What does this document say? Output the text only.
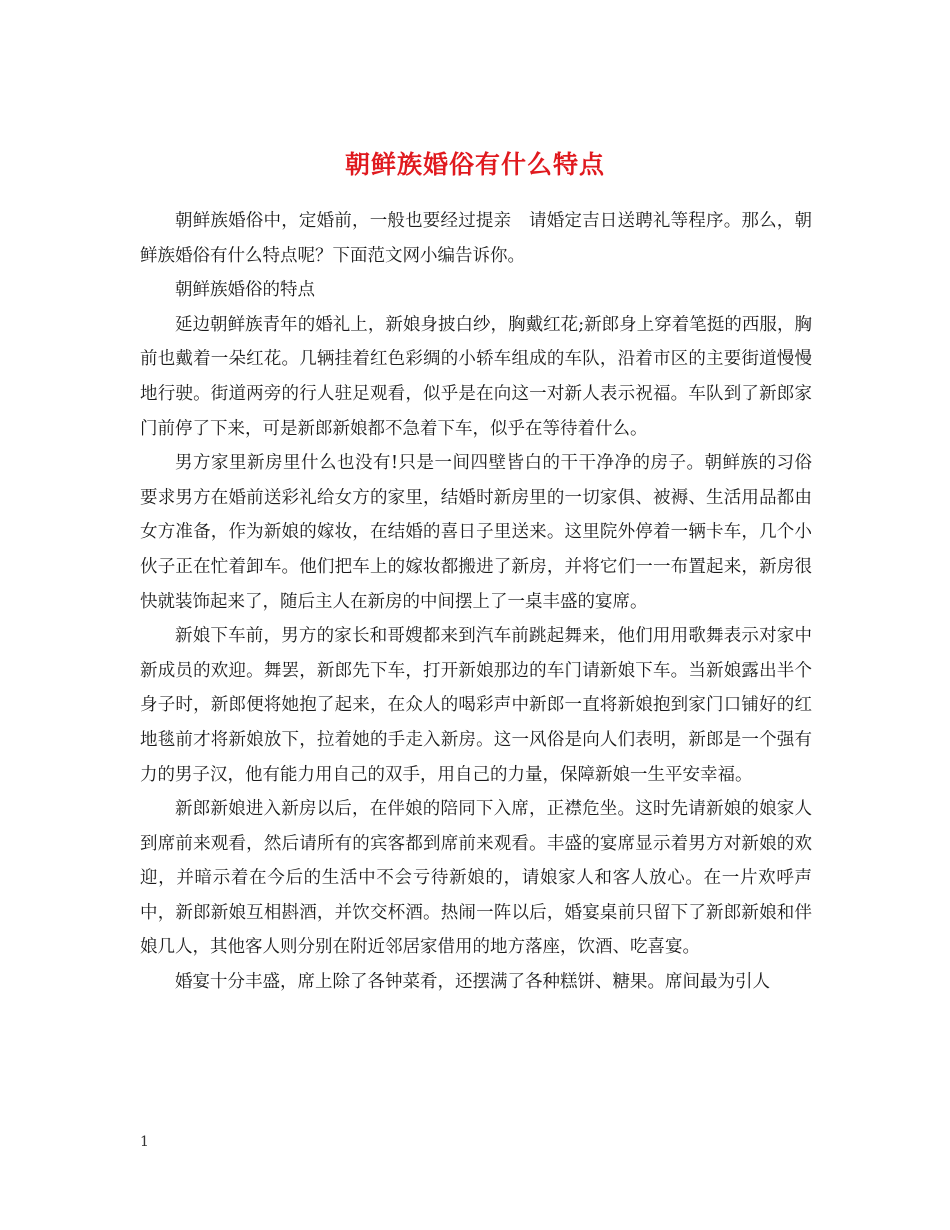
朝鲜族婚俗有什么特点

朝鲜族婚俗中，定婚前，一般也要经过提亲　请婚定吉日送聘礼等程序。那么，朝鲜族婚俗有什么特点呢？下面范文网小编告诉你。

朝鲜族婚俗的特点

延边朝鲜族青年的婚礼上，新娘身披白纱，胸戴红花;新郎身上穿着笔挺的西服，胸前也戴着一朵红花。几辆挂着红色彩绸的小轿车组成的车队，沿着市区的主要街道慢慢地行驶。街道两旁的行人驻足观看，似乎是在向这一对新人表示祝福。车队到了新郎家门前停了下来，可是新郎新娘都不急着下车，似乎在等待着什么。

男方家里新房里什么也没有!只是一间四壁皆白的干干净净的房子。朝鲜族的习俗要求男方在婚前送彩礼给女方的家里，结婚时新房里的一切家俱、被褥、生活用品都由女方准备，作为新娘的嫁妆，在结婚的喜日子里送来。这里院外停着一辆卡车，几个小伙子正在忙着卸车。他们把车上的嫁妆都搬进了新房，并将它们一一布置起来，新房很快就装饰起来了，随后主人在新房的中间摆上了一桌丰盛的宴席。

新娘下车前，男方的家长和哥嫂都来到汽车前跳起舞来，他们用用歌舞表示对家中新成员的欢迎。舞罢，新郎先下车，打开新娘那边的车门请新娘下车。当新娘露出半个身子时，新郎便将她抱了起来，在众人的喝彩声中新郎一直将新娘抱到家门口铺好的红地毯前才将新娘放下，拉着她的手走入新房。这一风俗是向人们表明，新郎是一个强有力的男子汉，他有能力用自己的双手，用自己的力量，保障新娘一生平安幸福。

新郎新娘进入新房以后，在伴娘的陪同下入席，正襟危坐。这时先请新娘的娘家人到席前来观看，然后请所有的宾客都到席前来观看。丰盛的宴席显示着男方对新娘的欢迎，并暗示着在今后的生活中不会亏待新娘的，请娘家人和客人放心。在一片欢呼声中，新郎新娘互相斟酒，并饮交杯酒。热闹一阵以后，婚宴桌前只留下了新郎新娘和伴娘几人，其他客人则分别在附近邻居家借用的地方落座，饮酒、吃喜宴。

婚宴十分丰盛，席上除了各钟菜肴，还摆满了各种糕饼、糖果。席间最为引人

1
